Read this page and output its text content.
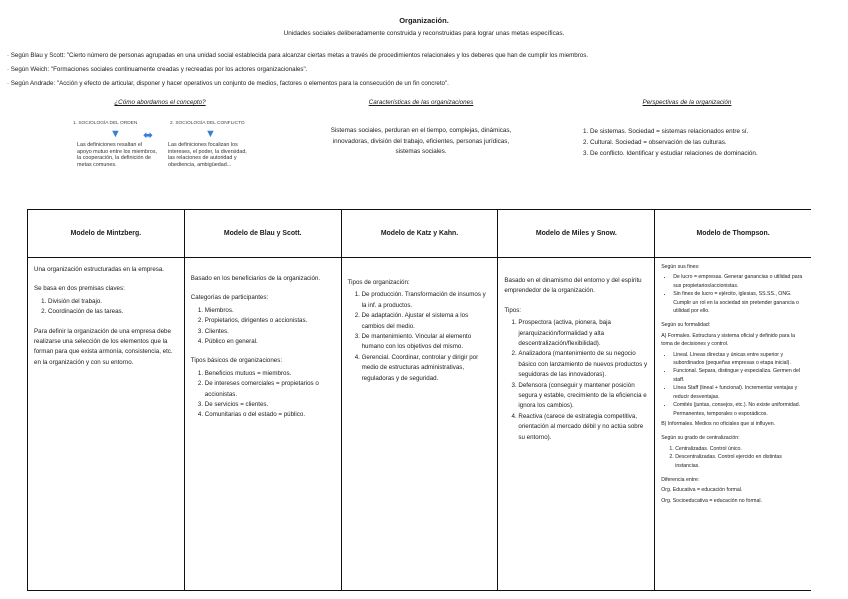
Organización.
Unidades sociales deliberadamente construida y reconstruidas para lograr unas metas específicas.
· Según Blau y Scott: "Cierto número de personas agrupadas en una unidad social establecida para alcanzar ciertas metas a través de procedimientos relacionales y los deberes que han de cumplir los miembros.
· Según Weich: "Formaciones sociales continuamente creadas y recreadas por los actores organizacionales".
· Según Andrade: "Acción y efecto de articular, disponer y hacer operativos un conjunto de medios, factores o elementos para la consecución de un fin concreto".
¿Cómo abordamos el concepto?
1. SOCIOLOGÍA DEL ORDEN	2. SOCIOLOGÍA DEL CONFLICTO
▼	▼
⬌
Las definiciones resaltan el apoyo mutuo entre los miembros, la cooperación, la definición de metas comunes.
Las definiciones focalizan los intereses, el poder, la diversidad, las relaciones de autoridad y obediencia, ambigüedad...
Características de las organizaciones
Sistemas sociales, perduran en el tiempo, complejas, dinámicas, innovadoras, división del trabajo, eficientes, personas jurídicas, sistemas sociales.
Perspectivas de la organización
1. De sistemas. Sociedad = sistemas relacionados entre sí.
2. Cultural. Sociedad = observación de las culturas.
3. De conflicto. Identificar y estudiar relaciones de dominación.
Modelo de Mintzberg.

Una organización estructuradas en la empresa.

Se basa en dos premisas claves:

1. División del trabajo.
2. Coordinación de las tareas.

Para definir la organización de una empresa debe realizarse una selección de los elementos que la forman para que exista armonía, consistencia, etc. en la organización y con su entorno.

Modelo de Blau y Scott.

Basado en los beneficiarios de la organización.

Categorías de participantes:

1. Miembros.
2. Propietarios, dirigentes o accionistas.
3. Clientes.
4. Público en general.

Tipos básicos de organizaciones:

1. Beneficios mutuos = miembros.
2. De intereses comerciales = propietarios o accionistas.
3. De servicios = clientes.
4. Comunitarias o del estado = público.
Modelo de Katz y Kahn.

Tipos de organización:

1. De producción. Transformación de insumos y la inf. a productos.
2. De adaptación. Ajustar el sistema a los cambios del medio.
3. De mantenimiento. Vincular al elemento humano con los objetivos del mismo.
4. Gerencial. Coordinar, controlar y dirigir por medio de estructuras administrativas, reguladoras y de seguridad.
Modelo de Miles y Snow.

Basado en el dinamismo del entorno y del espíritu emprendedor de la organización.

Tipos:

1. Prospectora (activa, pionera, baja jerarquización/formalidad y alta descentralización/flexibilidad).
2. Analizadora (mantenimiento de su negocio básico con lanzamiento de nuevos productos y seguidoras de las innovadoras).
3. Defensora (conseguir y mantener posición segura y estable, crecimiento de la eficiencia e ignora los cambios).
4. Reactiva (carece de estrategia competitiva, orientación al mercado débil y no actúa sobre su entorno).
Modelo de Thompson.

Según sus fines:

• De lucro = empresas. Generar ganancias o utilidad para sus propietarios/accionistas.
• Sin fines de lucro = ejército, iglesias, SS.SS., ONG. Cumplir un rol en la sociedad sin pretender ganancia o utilidad por ello.

Según su formalidad:

A) Formales. Estructura y sistema oficial y definido para la toma de decisiones y control.

• Lineal. Líneas directas y únicas entre superior y subordinados (pequeñas empresas o etapa inicial).
• Funcional. Separa, distingue y especializa. Germen del staff.
• Línea Staff (lineal + funcional). Incrementar ventajas y reducir desventajas.
• Comités (juntas, consejos, etc.). No existe uniformidad. Permanentes, temporales o esporádicos.

B) Informales. Medios no oficiales que si influyen.

Según su grado de centralización:

1. Centralizadas. Control único.
2. Descentralizadas. Control ejercido en distintas instancias.

Diferencia entre:

Org. Educativa = educación formal.

Org. Socioeducativa = educación no formal.
